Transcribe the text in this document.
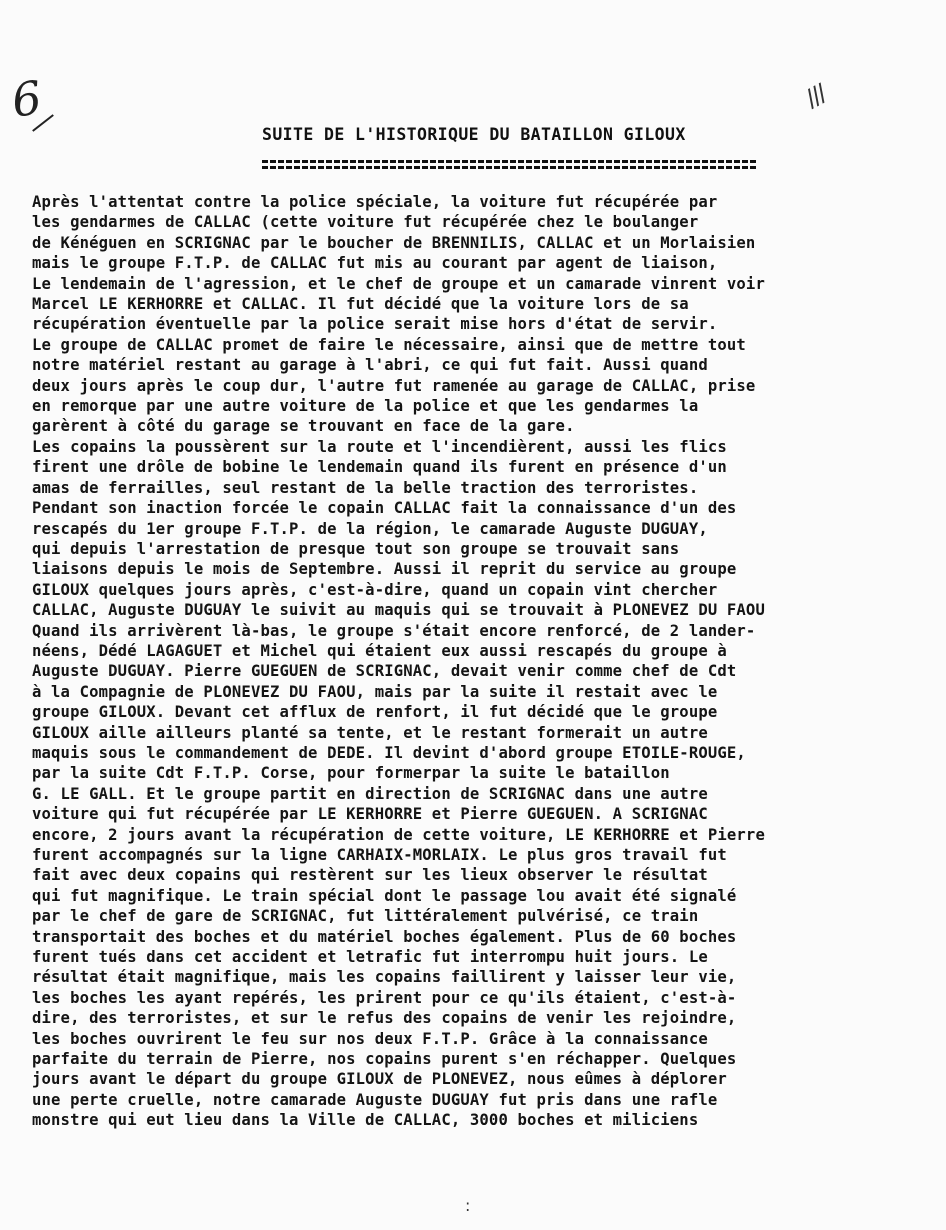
6	∕∕∕
SUITE DE L'HISTORIQUE DU BATAILLON GILOUX
Après l'attentat contre la police spéciale, la voiture fut récupérée par
les gendarmes de CALLAC (cette voiture fut récupérée chez le boulanger
de Kénéguen en SCRIGNAC par le boucher de BRENNILIS, CALLAC et un Morlaisien
mais le groupe F.T.P. de CALLAC fut mis au courant par agent de liaison,
Le lendemain de l'agression, et le chef de groupe et un camarade vinrent voir
Marcel LE KERHORRE et CALLAC. Il fut décidé que la voiture lors de sa
récupération éventuelle par la police serait mise hors d'état de servir.
Le groupe de CALLAC promet de faire le nécessaire, ainsi que de mettre tout
notre matériel restant au garage à l'abri, ce qui fut fait. Aussi quand
deux jours après le coup dur, l'autre fut ramenée au garage de CALLAC, prise
en remorque par une autre voiture de la police et que les gendarmes la
garèrent à côté du garage se trouvant en face de la gare.
Les copains la poussèrent sur la route et l'incendièrent, aussi les flics
firent une drôle de bobine le lendemain quand ils furent en présence d'un
amas de ferrailles, seul restant de la belle traction des terroristes.
Pendant son inaction forcée le copain CALLAC fait la connaissance d'un des
rescapés du 1er groupe F.T.P. de la région, le camarade Auguste DUGUAY,
qui depuis l'arrestation de presque tout son groupe se trouvait sans
liaisons depuis le mois de Septembre. Aussi il reprit du service au groupe
GILOUX quelques jours après, c'est-à-dire, quand un copain vint chercher
CALLAC, Auguste DUGUAY le suivit au maquis qui se trouvait à PLONEVEZ DU FAOU
Quand ils arrivèrent là-bas, le groupe s'était encore renforcé, de 2 lander-
néens, Dédé LAGAGUET et Michel qui étaient eux aussi rescapés du groupe à
Auguste DUGUAY. Pierre GUEGUEN de SCRIGNAC, devait venir comme chef de Cdt
à la Compagnie de PLONEVEZ DU FAOU, mais par la suite il restait avec le
groupe GILOUX. Devant cet afflux de renfort, il fut décidé que le groupe
GILOUX aille ailleurs planté sa tente, et le restant formerait un autre
maquis sous le commandement de DEDE. Il devint d'abord groupe ETOILE-ROUGE,
par la suite Cdt F.T.P. Corse, pour formerpar la suite le bataillon
G. LE GALL. Et le groupe partit en direction de SCRIGNAC dans une autre
voiture qui fut récupérée par LE KERHORRE et Pierre GUEGUEN. A SCRIGNAC
encore, 2 jours avant la récupération de cette voiture, LE KERHORRE et Pierre
furent accompagnés sur la ligne CARHAIX-MORLAIX. Le plus gros travail fut
fait avec deux copains qui restèrent sur les lieux observer le résultat
qui fut magnifique. Le train spécial dont le passage lou avait été signalé
par le chef de gare de SCRIGNAC, fut littéralement pulvérisé, ce train
transportait des boches et du matériel boches également. Plus de 60 boches
furent tués dans cet accident et letrafic fut interrompu huit jours. Le
résultat était magnifique, mais les copains faillirent y laisser leur vie,
les boches les ayant repérés, les prirent pour ce qu'ils étaient, c'est-à-
dire, des terroristes, et sur le refus des copains de venir les rejoindre,
les boches ouvrirent le feu sur nos deux F.T.P. Grâce à la connaissance
parfaite du terrain de Pierre, nos copains purent s'en réchapper. Quelques
jours avant le départ du groupe GILOUX de PLONEVEZ, nous eûmes à déplorer
une perte cruelle, notre camarade Auguste DUGUAY fut pris dans une rafle
monstre qui eut lieu dans la Ville de CALLAC, 3000 boches et miliciens
:
